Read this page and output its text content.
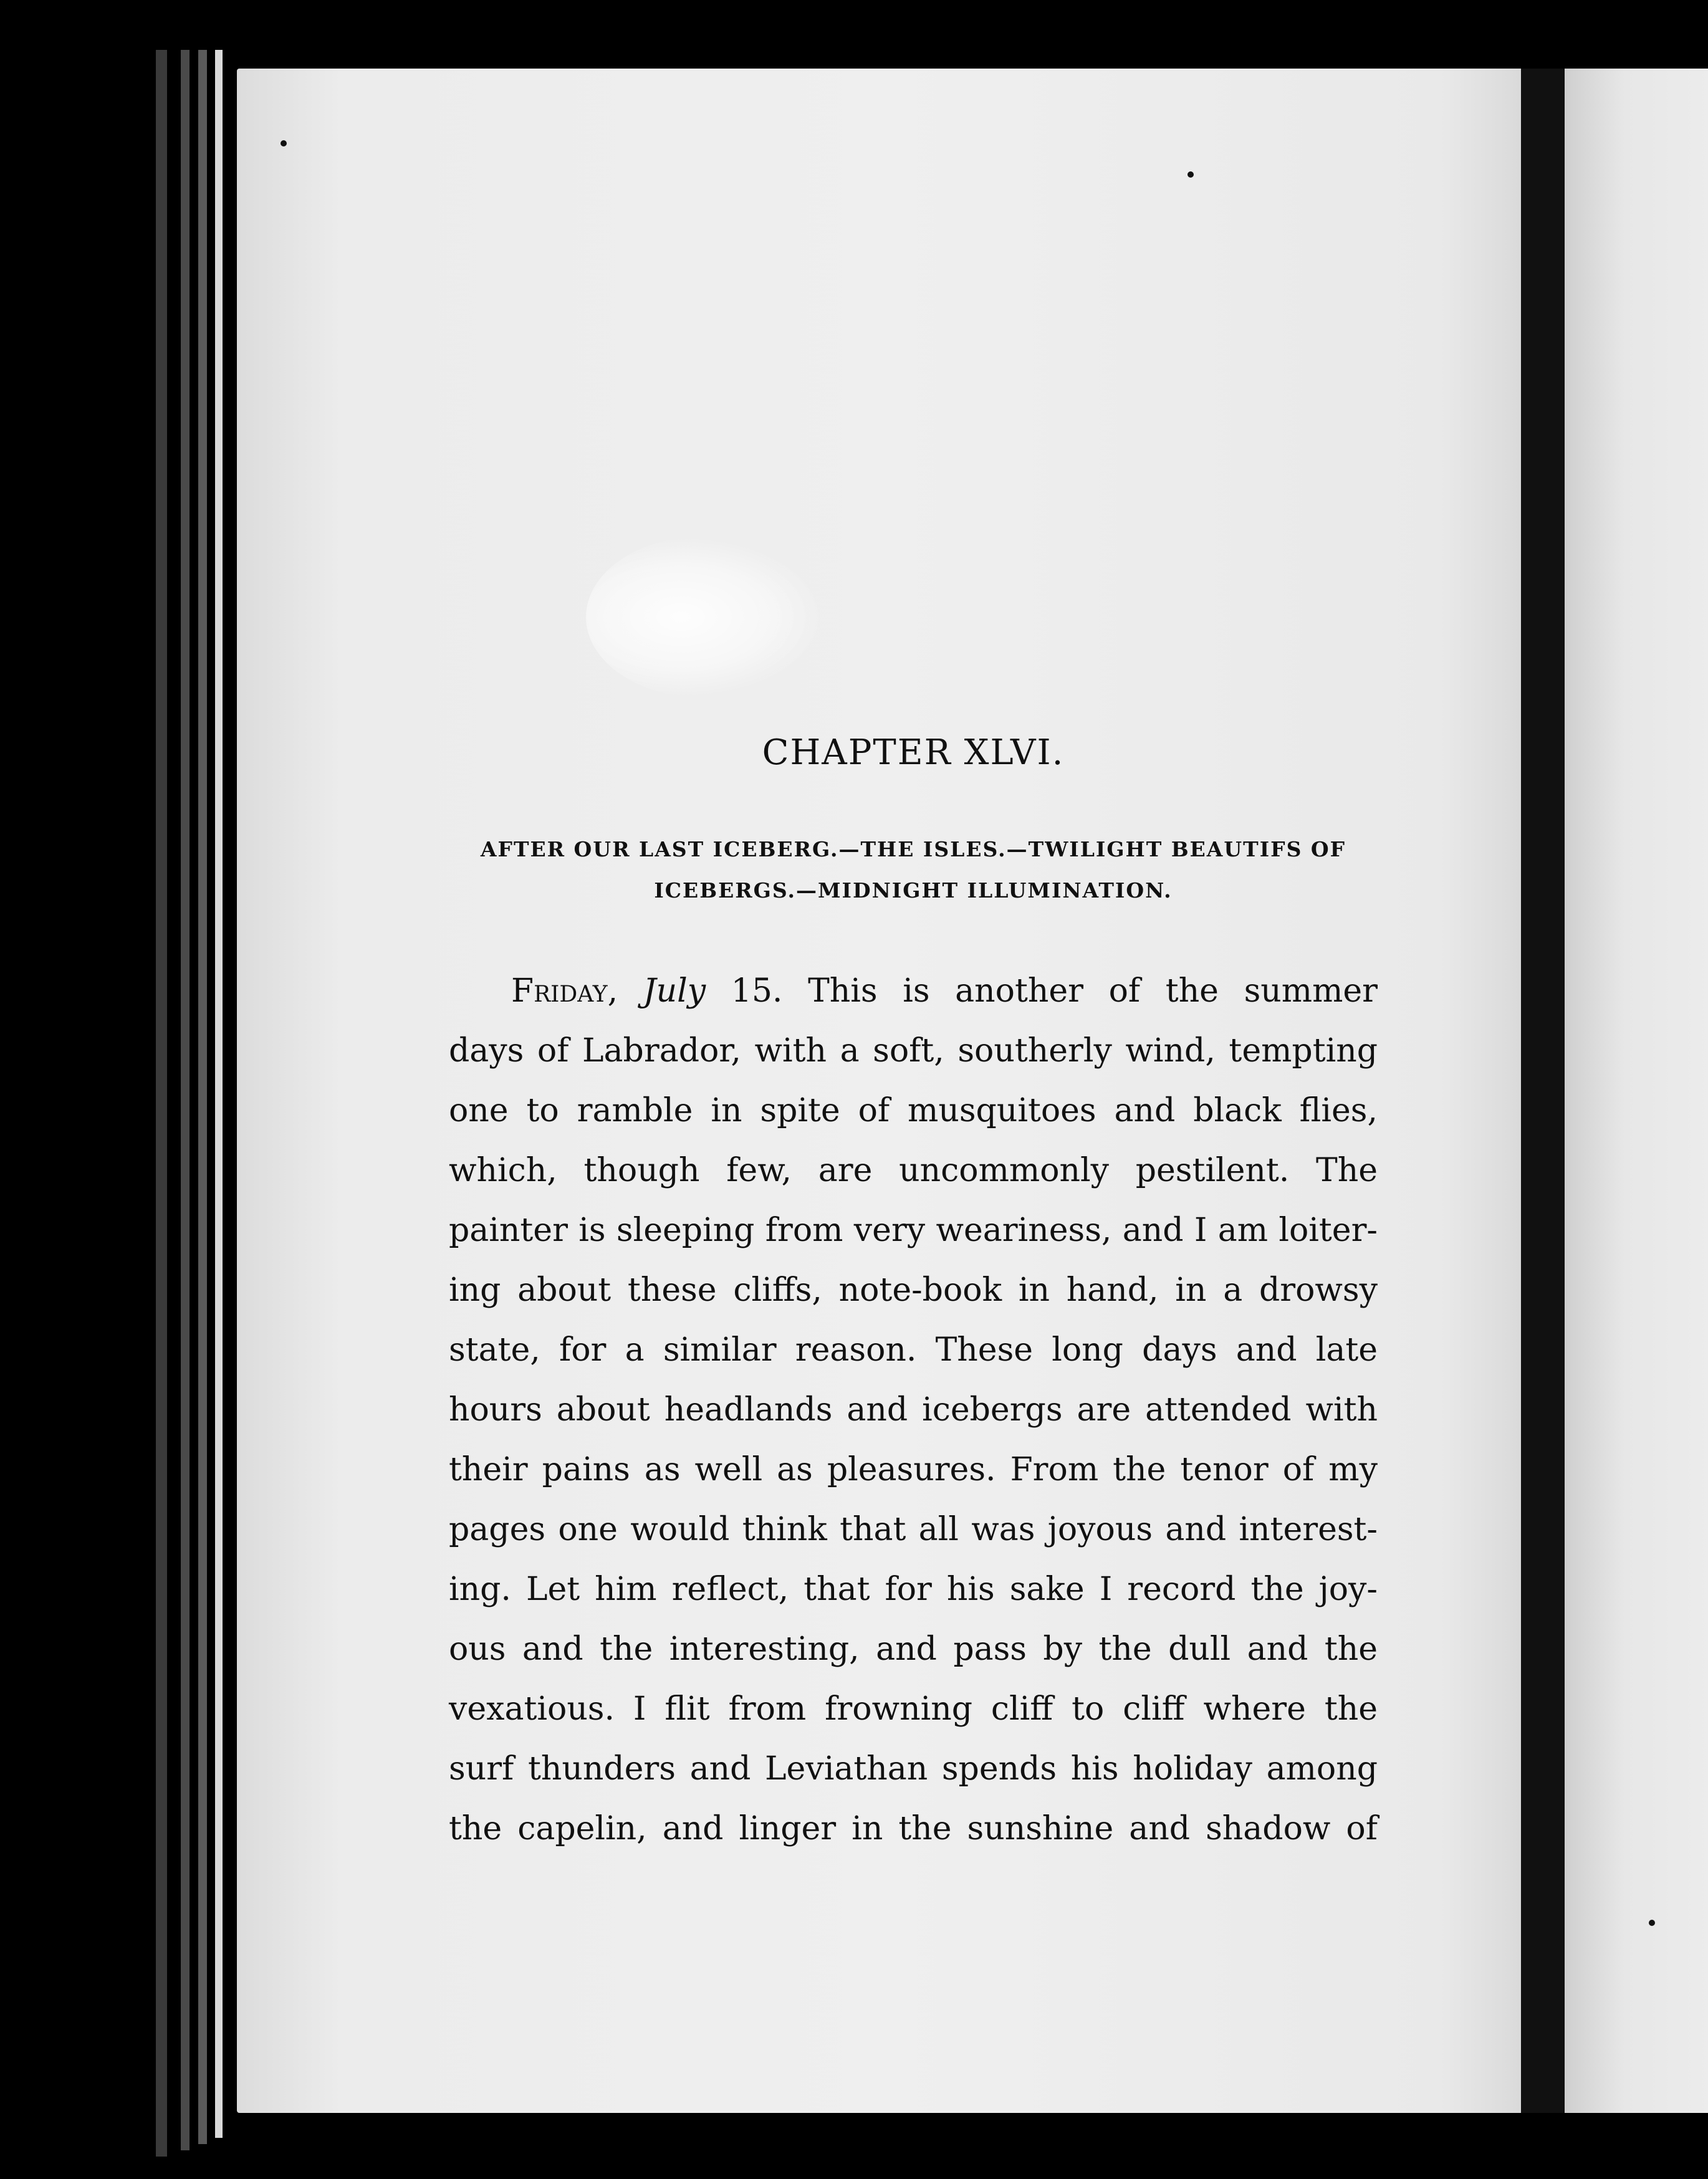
CHAPTER XLVI.
AFTER OUR LAST ICEBERG.—THE ISLES.—TWILIGHT BEAUTIFS OF
ICEBERGS.—MIDNIGHT ILLUMINATION.
Friday, July 15. This is another of the summer
days of Labrador, with a soft, southerly wind, tempting
one to ramble in spite of musquitoes and black flies,
which, though few, are uncommonly pestilent. The
painter is sleeping from very weariness, and I am loiter-
ing about these cliffs, note-book in hand, in a drowsy
state, for a similar reason. These long days and late
hours about headlands and icebergs are attended with
their pains as well as pleasures. From the tenor of my
pages one would think that all was joyous and interest-
ing. Let him reflect, that for his sake I record the joy-
ous and the interesting, and pass by the dull and the
vexatious. I flit from frowning cliff to cliff where the
surf thunders and Leviathan spends his holiday among
the capelin, and linger in the sunshine and shadow of
